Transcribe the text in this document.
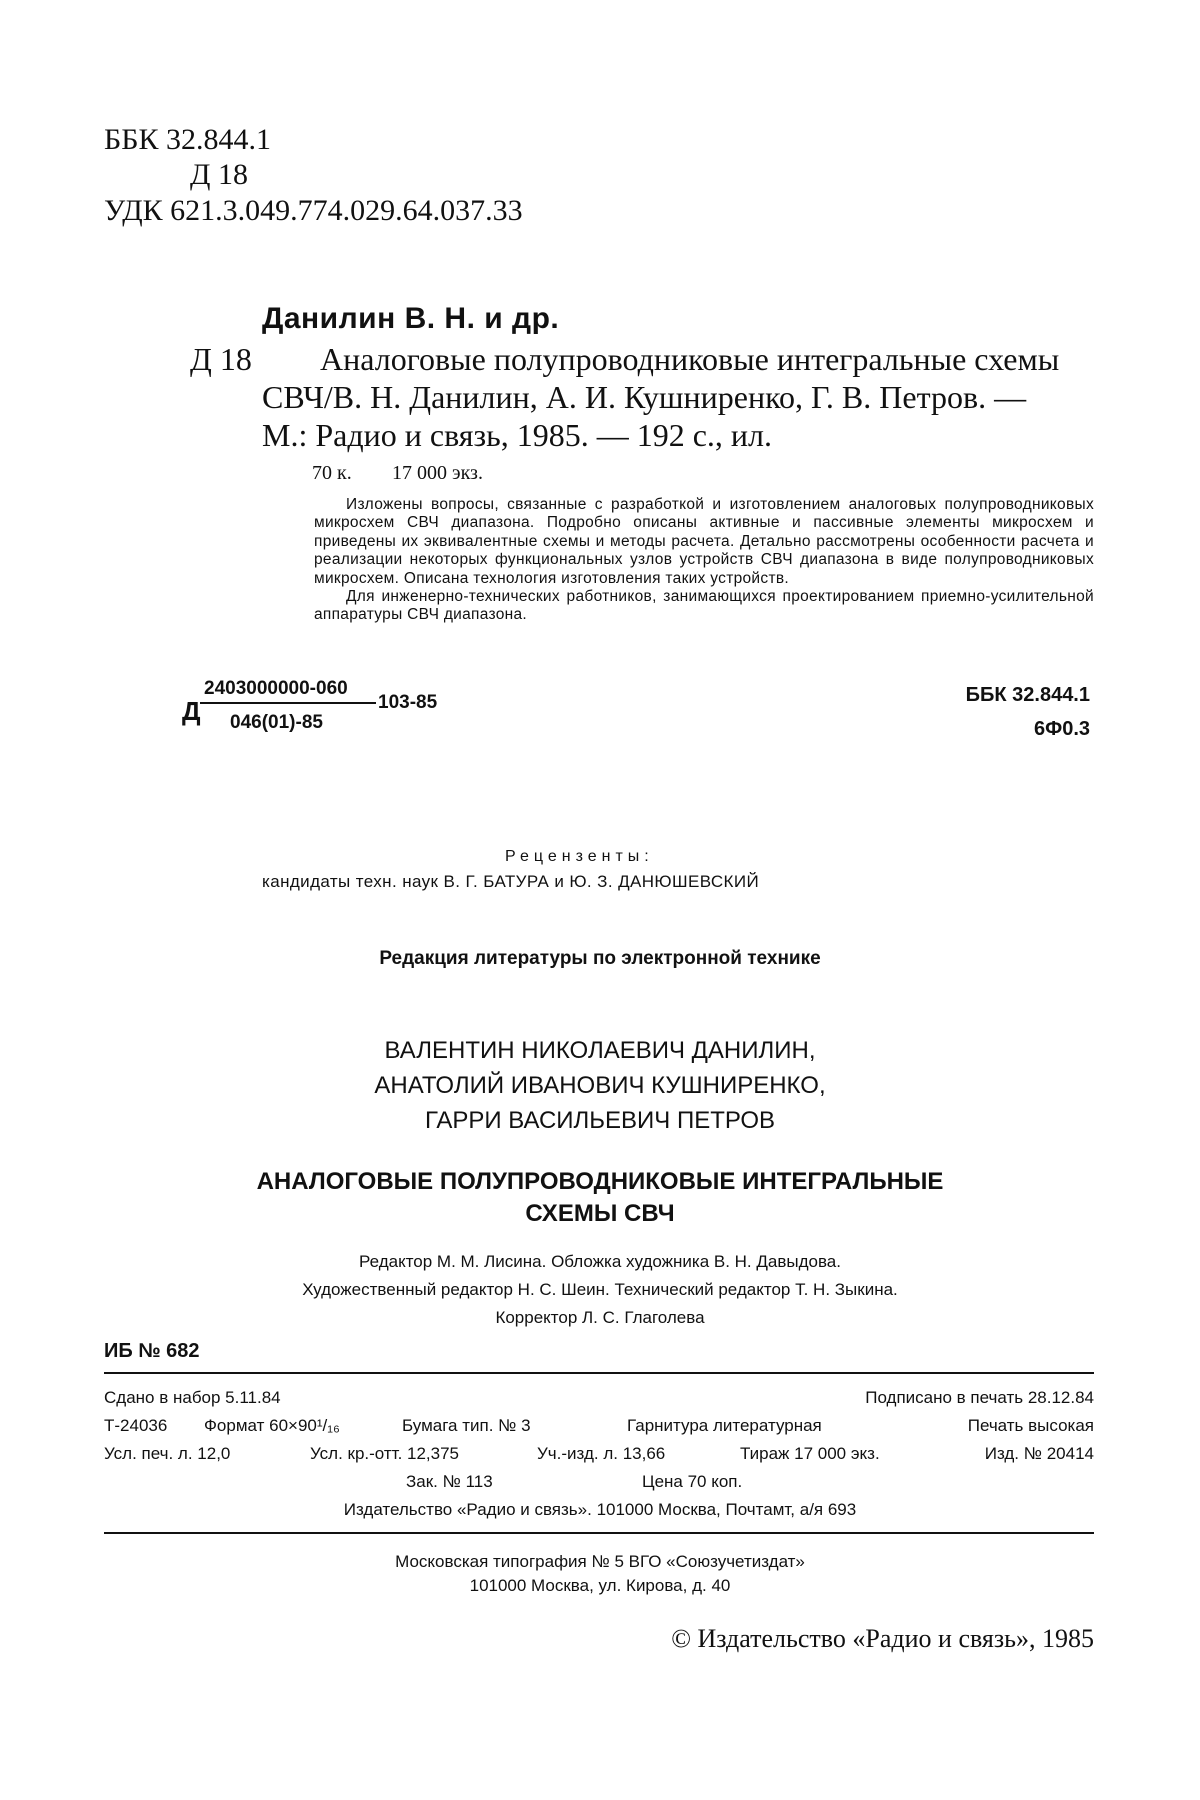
ББК 32.844.1
Д 18
УДК 621.3.049.774.029.64.037.33
Данилин В. Н. и др.
Д 18 Аналоговые полупроводниковые интегральные схемы
СВЧ/В. Н. Данилин, А. И. Кушниренко, Г. В. Петров. —
М.: Радио и связь, 1985. — 192 с., ил.
70 к. 17 000 экз.

Изложены вопросы, связанные с разработкой и изготовлением аналоговых полупроводниковых микросхем СВЧ диапазона. Подробно описаны активные и пассивные элементы микросхем и приведены их эквивалентные схемы и методы расчета. Детально рассмотрены особенности расчета и реализации некоторых функциональных узлов устройств СВЧ диапазона в виде полупроводниковых микросхем. Описана технология изготовления таких устройств.

Для инженерно-технических работников, занимающихся проектированием приемно-усилительной аппаратуры СВЧ диапазона.

Д
2403000000-060
046(01)-85
103-85	ББК 32.844.1
6Ф0.3
Рецензенты:
кандидаты техн. наук В. Г. БАТУРА и Ю. З. ДАНЮШЕВСКИЙ
Редакция литературы по электронной технике
ВАЛЕНТИН НИКОЛАЕВИЧ ДАНИЛИН,
АНАТОЛИЙ ИВАНОВИЧ КУШНИРЕНКО,
ГАРРИ ВАСИЛЬЕВИЧ ПЕТРОВ
АНАЛОГОВЫЕ ПОЛУПРОВОДНИКОВЫЕ ИНТЕГРАЛЬНЫЕ
СХЕМЫ СВЧ
Редактор М. М. Лисина. Обложка художника В. Н. Давыдова.
Художественный редактор Н. С. Шеин. Технический редактор Т. Н. Зыкина.
Корректор Л. С. Глаголева
ИБ № 682
Сдано в набор 5.11.84	Подписано в печать 28.12.84
Т-24036 Формат 60×90¹/₁₆	Бумага тип. № 3	Гарнитура литературная	Печать высокая
Усл. печ. л. 12,0	Усл. кр.-отт. 12,375	Уч.-изд. л. 13,66	Тираж 17 000 экз.	Изд. № 20414
Зак. № 113	Цена 70 коп.
Издательство «Радио и связь». 101000 Москва, Почтамт, а/я 693
Московская типография № 5 ВГО «Союзучетиздат»
101000 Москва, ул. Кирова, д. 40
© Издательство «Радио и связь», 1985
